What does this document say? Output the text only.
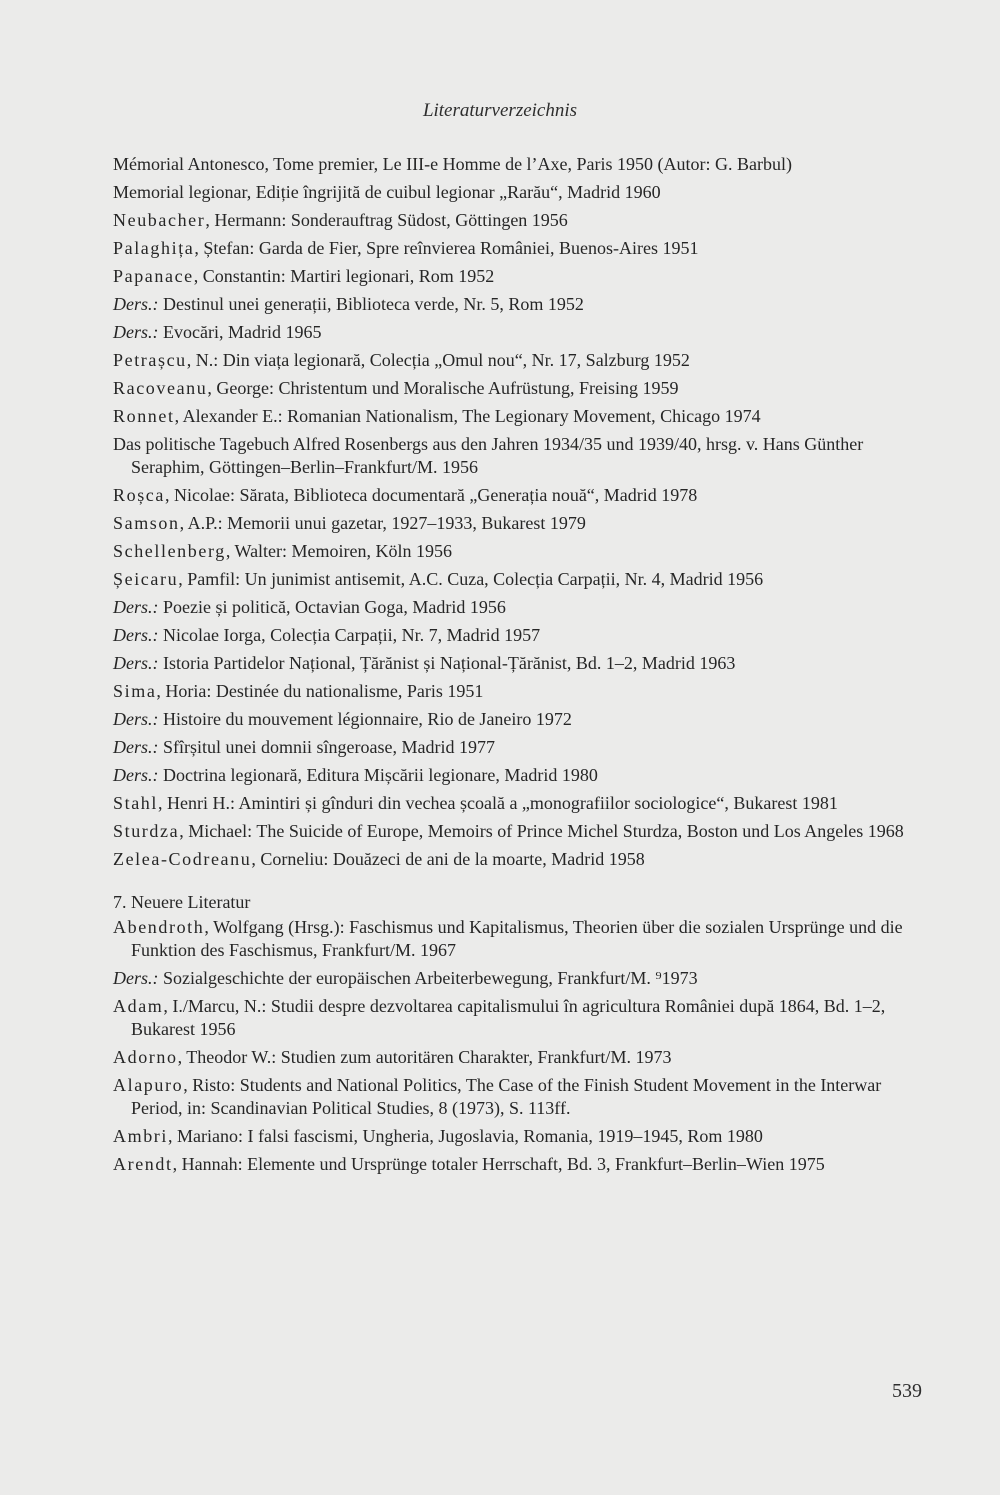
Literaturverzeichnis
Mémorial Antonesco, Tome premier, Le III-e Homme de l’Axe, Paris 1950 (Autor: G. Barbul)
Memorial legionar, Ediție îngrijită de cuibul legionar „Rarău“, Madrid 1960
Neubacher, Hermann: Sonderauftrag Südost, Göttingen 1956
Palaghița, Ștefan: Garda de Fier, Spre reînvierea României, Buenos-Aires 1951
Papanace, Constantin: Martiri legionari, Rom 1952
Ders.: Destinul unei generații, Biblioteca verde, Nr. 5, Rom 1952
Ders.: Evocări, Madrid 1965
Petrașcu, N.: Din viața legionară, Colecția „Omul nou“, Nr. 17, Salzburg 1952
Racoveanu, George: Christentum und Moralische Aufrüstung, Freising 1959
Ronnet, Alexander E.: Romanian Nationalism, The Legionary Movement, Chicago 1974
Das politische Tagebuch Alfred Rosenbergs aus den Jahren 1934/35 und 1939/40, hrsg. v. Hans Günther Seraphim, Göttingen–Berlin–Frankfurt/M. 1956
Roșca, Nicolae: Sărata, Biblioteca documentară „Generația nouă“, Madrid 1978
Samson, A.P.: Memorii unui gazetar, 1927–1933, Bukarest 1979
Schellenberg, Walter: Memoiren, Köln 1956
Șeicaru, Pamfil: Un junimist antisemit, A.C. Cuza, Colecția Carpații, Nr. 4, Madrid 1956
Ders.: Poezie și politică, Octavian Goga, Madrid 1956
Ders.: Nicolae Iorga, Colecția Carpații, Nr. 7, Madrid 1957
Ders.: Istoria Partidelor Național, Țărănist și Național-Țărănist, Bd. 1–2, Madrid 1963
Sima, Horia: Destinée du nationalisme, Paris 1951
Ders.: Histoire du mouvement légionnaire, Rio de Janeiro 1972
Ders.: Sfîrșitul unei domnii sîngeroase, Madrid 1977
Ders.: Doctrina legionară, Editura Mișcării legionare, Madrid 1980
Stahl, Henri H.: Amintiri și gînduri din vechea școală a „monografiilor sociologice“, Bukarest 1981
Sturdza, Michael: The Suicide of Europe, Memoirs of Prince Michel Sturdza, Boston und Los Angeles 1968
Zelea-Codreanu, Corneliu: Douăzeci de ani de la moarte, Madrid 1958
7. Neuere Literatur
Abendroth, Wolfgang (Hrsg.): Faschismus und Kapitalismus, Theorien über die sozialen Ursprünge und die Funktion des Faschismus, Frankfurt/M. 1967
Ders.: Sozialgeschichte der europäischen Arbeiterbewegung, Frankfurt/M. ⁹1973
Adam, I./Marcu, N.: Studii despre dezvoltarea capitalismului în agricultura României după 1864, Bd. 1–2, Bukarest 1956
Adorno, Theodor W.: Studien zum autoritären Charakter, Frankfurt/M. 1973
Alapuro, Risto: Students and National Politics, The Case of the Finish Student Movement in the Interwar Period, in: Scandinavian Political Studies, 8 (1973), S. 113ff.
Ambri, Mariano: I falsi fascismi, Ungheria, Jugoslavia, Romania, 1919–1945, Rom 1980
Arendt, Hannah: Elemente und Ursprünge totaler Herrschaft, Bd. 3, Frankfurt–Berlin–Wien 1975
539
